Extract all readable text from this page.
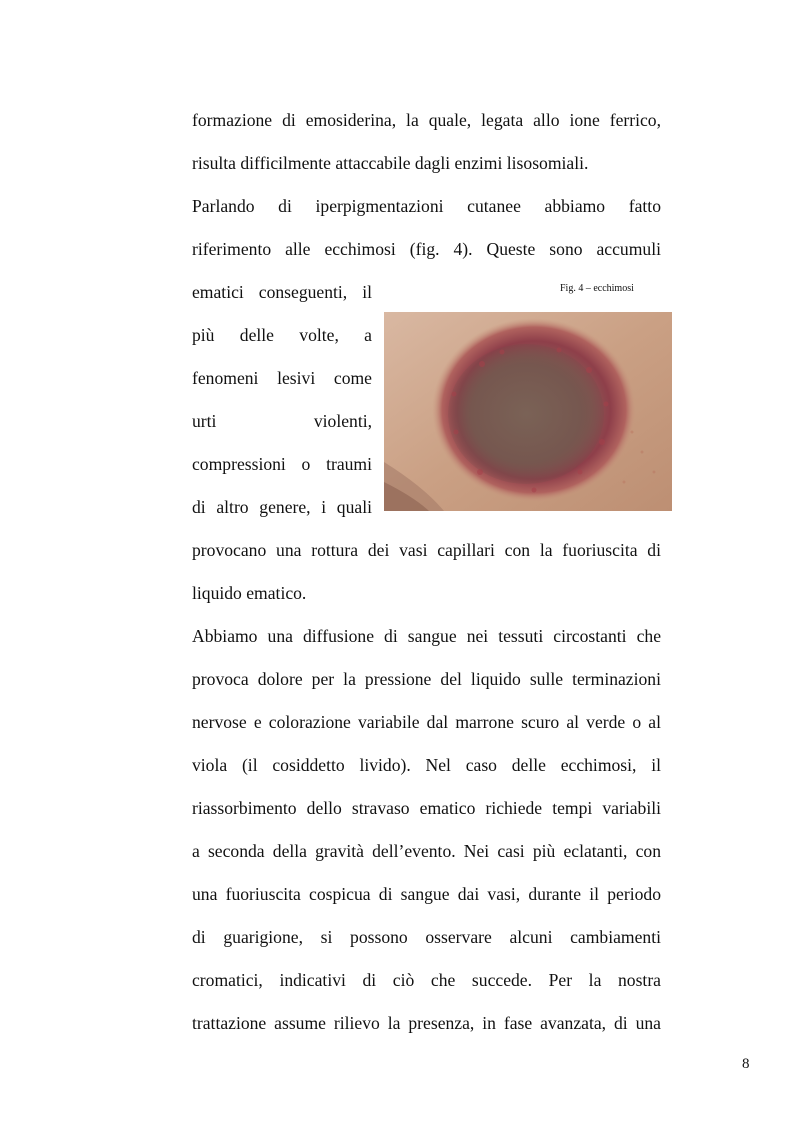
formazione di emosiderina, la quale, legata allo ione ferrico,
risulta difficilmente attaccabile dagli enzimi lisosomiali.
Parlando di iperpigmentazioni cutanee abbiamo fatto
riferimento alle ecchimosi (fig. 4). Queste sono accumuli
ematici conseguenti, il
più delle volte, a
fenomeni lesivi come
urti violenti,
compressioni o traumi
di altro genere, i quali
provocano una rottura dei vasi capillari con la fuoriuscita di
liquido ematico.
Abbiamo una diffusione di sangue nei tessuti circostanti che
provoca dolore per la pressione del liquido sulle terminazioni
nervose e colorazione variabile dal marrone scuro al verde o al
viola (il cosiddetto livido). Nel caso delle ecchimosi, il
riassorbimento dello stravaso ematico richiede tempi variabili
a seconda della gravità dell’evento. Nei casi più eclatanti, con
una fuoriuscita cospicua di sangue dai vasi, durante il periodo
di guarigione, si possono osservare alcuni cambiamenti
cromatici, indicativi di ciò che succede. Per la nostra
trattazione assume rilievo la presenza, in fase avanzata, di una
Fig. 4 – ecchimosi
8
